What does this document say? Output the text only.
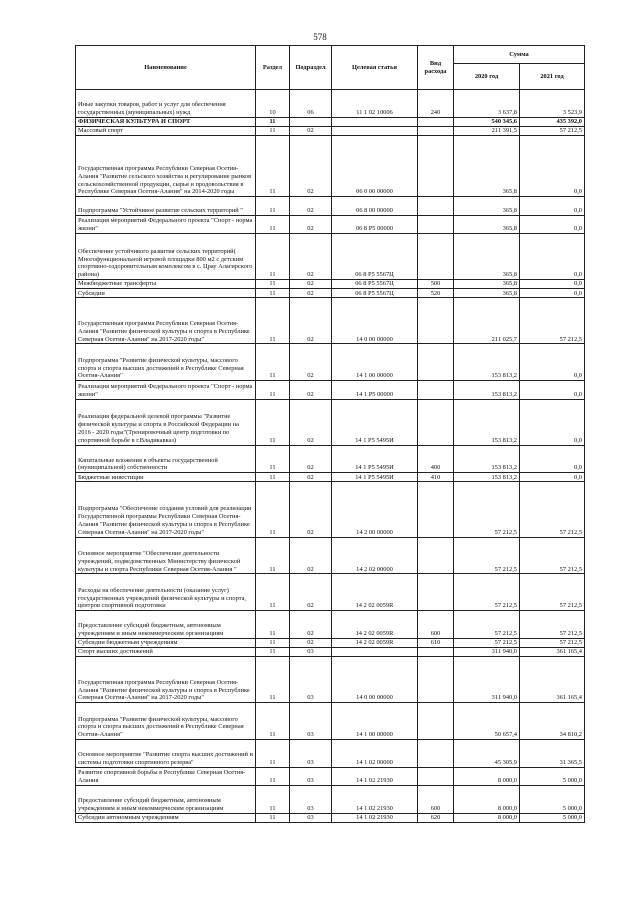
578
Наименование	Раздел	Подраздел	Целевая статья	Вид расхода	Сумма	
					2020 год	2021 год
Иные закупки товаров, работ и услуг для обеспечения государственных (муниципальных) нужд	10	06	11 1 02 10006	240	3 637,8	3 523,9
ФИЗИЧЕСКАЯ КУЛЬТУРА И СПОРТ	11				540 345,6	435 392,0
Массовый спорт	11	02			211 391,5	57 212,5
Государственная программа Республики Северная Осетия-Алания "Развитие сельского хозяйства и регулирование рынков сельскохозяйственной продукции, сырья и продовольствия в Республике Северная Осетия-Алания" на 2014-2020 годы	11	02	06 0 00 00000		365,8	0,0
Подпрограмма "Устойчивое развитие сельских территорий "	11	02	06 8 00 00000		365,8	0,0
Реализация мероприятий Федерального проекта "Спорт - норма жизни"	11	02	06 8 P5 00000		365,8	0,0
Обеспечение устойчивого развития сельских территорий( Многофункциональной игровой площадки 800 м2 с детским спортивно-оздоровительным комплексом в с. Црау Алагирского района)	11	02	06 8 P5 5567Ц		365,8	0,0
Межбюджетные трансферты	11	02	06 8 P5 5567Ц	500	365,8	0,0
Субсидии	11	02	06 8 P5 5567Ц	520	365,8	0,0
Государственная программа Республики Северная Осетия-Алания "Развитие физической культуры и спорта в Республике Северная Осетия-Алания" на 2017-2020 годы"	11	02	14 0 00 00000		211 025,7	57 212,5
Подпрограмма "Развитие физической культуры, массового спорта и спорта высших достижений в Республике Северная Осетия-Алания"	11	02	14 1 00 00000		153 813,2	0,0
Реализация мероприятий Федерального проекта "Спорт - норма жизни"	11	02	14 1 P5 00000		153 813,2	0,0
Реализация федеральной целевой программы "Развитие физической культуры и спорта в Российской Федерации на 2016 - 2020 годы"(Тренировочный центр подготовки по спортивной борьбе в г.Владикавказ)	11	02	14 1 P5 5495И		153 813,2	0,0
Капитальные вложения в объекты государственной (муниципальной) собственности	11	02	14 1 P5 5495И	400	153 813,2	0,0
Бюджетные инвестиции	11	02	14 1 P5 5495И	410	153 813,2	0,0
Подпрограмма "Обеспечение создания условий для реализации Государственной программы Республики Северная Осетия-Алания "Развитие физической культуры и спорта в Республике Северная Осетия-Алания" на 2017-2020 годы"	11	02	14 2 00 00000		57 212,5	57 212,5
Основное мероприятие "Обеспечение деятельности учреждений, подведомственных Министерству физической культуры и спорта Республики Северная Осетия-Алания "	11	02	14 2 02 00000		57 212,5	57 212,5
Расходы на обеспечение деятельности (оказание услуг) государственных учреждений физической культуры и спорта, центров спортивной подготовки	11	02	14 2 02 0059R		57 212,5	57 212,5
Предоставление субсидий бюджетным, автономным учреждениям и иным некоммерческим организациям	11	02	14 2 02 0059R	600	57 212,5	57 212,5
Субсидии бюджетным учреждениям	11	02	14 2 02 0059R	610	57 212,5	57 212,5
Спорт высших достижений	11	03			311 940,0	361 165,4
Государственная программа Республики Северная Осетия-Алания "Развитие физической культуры и спорта в Республике Северная Осетия-Алания" на 2017-2020 годы"	11	03	14 0 00 00000		311 940,0	361 165,4
Подпрограмма "Развитие физической культуры, массового спорта и спорта высших достижений в Республике Северная Осетия-Алания"	11	03	14 1 00 00000		50 657,4	34 810,2
Основное мероприятие "Развитие спорта высших достижений и системы подготовки спортивного резерва"	11	03	14 1 02 00000		45 305,9	31 365,5
Развитие спортивной борьбы в Республике Северная Осетия-Алания	11	03	14 1 02 21930		8 000,0	5 000,0
Предоставление субсидий бюджетным, автономным учреждениям и иным некоммерческим организациям	11	03	14 1 02 21930	600	8 000,0	5 000,0
Субсидии автономным учреждениям	11	03	14 1 02 21930	620	8 000,0	5 000,0
